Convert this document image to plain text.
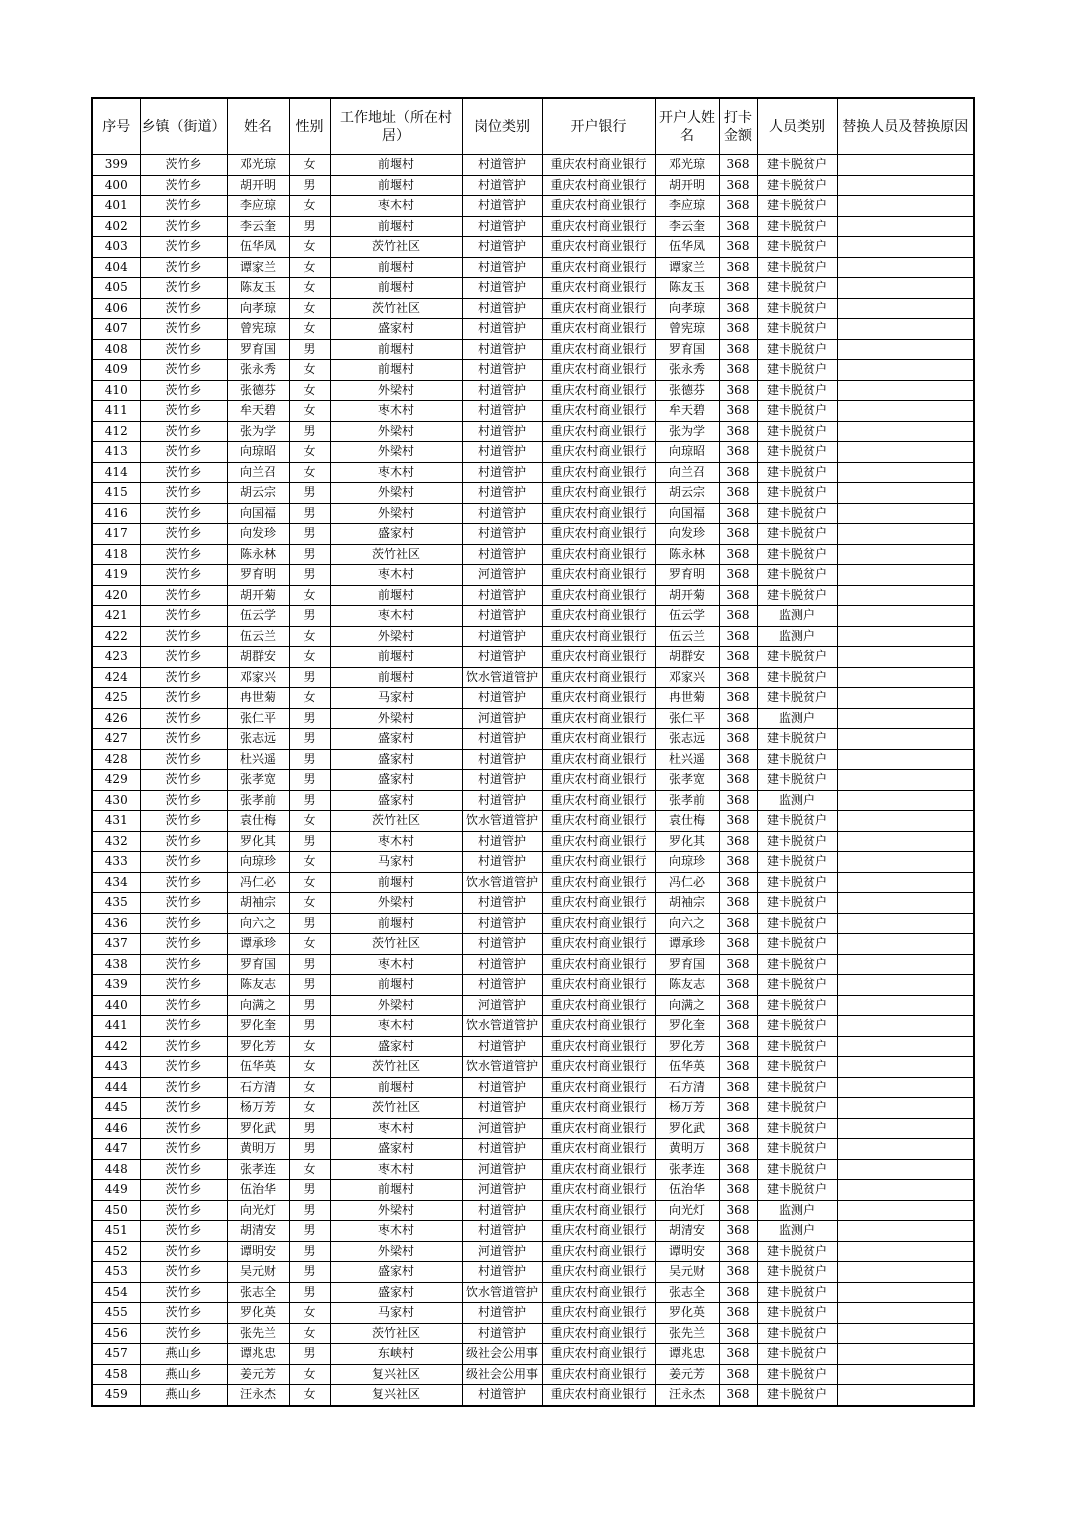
序号	乡镇（街道）	姓名	性别	工作地址（所在村居）	岗位类别	开户银行	开户人姓名	打卡金额	人员类别	替换人员及替换原因
399	茨竹乡	邓光琼	女	前堰村	村道管护	重庆农村商业银行	邓光琼	368	建卡脱贫户	
400	茨竹乡	胡开明	男	前堰村	村道管护	重庆农村商业银行	胡开明	368	建卡脱贫户	
401	茨竹乡	李应琼	女	枣木村	村道管护	重庆农村商业银行	李应琼	368	建卡脱贫户	
402	茨竹乡	李云奎	男	前堰村	村道管护	重庆农村商业银行	李云奎	368	建卡脱贫户	
403	茨竹乡	伍华凤	女	茨竹社区	村道管护	重庆农村商业银行	伍华凤	368	建卡脱贫户	
404	茨竹乡	谭家兰	女	前堰村	村道管护	重庆农村商业银行	谭家兰	368	建卡脱贫户	
405	茨竹乡	陈友玉	女	前堰村	村道管护	重庆农村商业银行	陈友玉	368	建卡脱贫户	
406	茨竹乡	向孝琼	女	茨竹社区	村道管护	重庆农村商业银行	向孝琼	368	建卡脱贫户	
407	茨竹乡	曾宪琼	女	盛家村	村道管护	重庆农村商业银行	曾宪琼	368	建卡脱贫户	
408	茨竹乡	罗育国	男	前堰村	村道管护	重庆农村商业银行	罗育国	368	建卡脱贫户	
409	茨竹乡	张永秀	女	前堰村	村道管护	重庆农村商业银行	张永秀	368	建卡脱贫户	
410	茨竹乡	张德芬	女	外梁村	村道管护	重庆农村商业银行	张德芬	368	建卡脱贫户	
411	茨竹乡	牟天碧	女	枣木村	村道管护	重庆农村商业银行	牟天碧	368	建卡脱贫户	
412	茨竹乡	张为学	男	外梁村	村道管护	重庆农村商业银行	张为学	368	建卡脱贫户	
413	茨竹乡	向琼昭	女	外梁村	村道管护	重庆农村商业银行	向琼昭	368	建卡脱贫户	
414	茨竹乡	向兰召	女	枣木村	村道管护	重庆农村商业银行	向兰召	368	建卡脱贫户	
415	茨竹乡	胡云宗	男	外梁村	村道管护	重庆农村商业银行	胡云宗	368	建卡脱贫户	
416	茨竹乡	向国福	男	外梁村	村道管护	重庆农村商业银行	向国福	368	建卡脱贫户	
417	茨竹乡	向发珍	男	盛家村	村道管护	重庆农村商业银行	向发珍	368	建卡脱贫户	
418	茨竹乡	陈永林	男	茨竹社区	村道管护	重庆农村商业银行	陈永林	368	建卡脱贫户	
419	茨竹乡	罗育明	男	枣木村	河道管护	重庆农村商业银行	罗育明	368	建卡脱贫户	
420	茨竹乡	胡开菊	女	前堰村	村道管护	重庆农村商业银行	胡开菊	368	建卡脱贫户	
421	茨竹乡	伍云学	男	枣木村	村道管护	重庆农村商业银行	伍云学	368	监测户	
422	茨竹乡	伍云兰	女	外梁村	村道管护	重庆农村商业银行	伍云兰	368	监测户	
423	茨竹乡	胡群安	女	前堰村	村道管护	重庆农村商业银行	胡群安	368	建卡脱贫户	
424	茨竹乡	邓家兴	男	前堰村	饮水管道管护	重庆农村商业银行	邓家兴	368	建卡脱贫户	
425	茨竹乡	冉世菊	女	马家村	村道管护	重庆农村商业银行	冉世菊	368	建卡脱贫户	
426	茨竹乡	张仁平	男	外梁村	河道管护	重庆农村商业银行	张仁平	368	监测户	
427	茨竹乡	张志远	男	盛家村	村道管护	重庆农村商业银行	张志远	368	建卡脱贫户	
428	茨竹乡	杜兴遥	男	盛家村	村道管护	重庆农村商业银行	杜兴遥	368	建卡脱贫户	
429	茨竹乡	张孝宽	男	盛家村	村道管护	重庆农村商业银行	张孝宽	368	建卡脱贫户	
430	茨竹乡	张孝前	男	盛家村	村道管护	重庆农村商业银行	张孝前	368	监测户	
431	茨竹乡	袁仕梅	女	茨竹社区	饮水管道管护	重庆农村商业银行	袁仕梅	368	建卡脱贫户	
432	茨竹乡	罗化其	男	枣木村	村道管护	重庆农村商业银行	罗化其	368	建卡脱贫户	
433	茨竹乡	向琼珍	女	马家村	村道管护	重庆农村商业银行	向琼珍	368	建卡脱贫户	
434	茨竹乡	冯仁必	女	前堰村	饮水管道管护	重庆农村商业银行	冯仁必	368	建卡脱贫户	
435	茨竹乡	胡袖宗	女	外梁村	村道管护	重庆农村商业银行	胡袖宗	368	建卡脱贫户	
436	茨竹乡	向六之	男	前堰村	村道管护	重庆农村商业银行	向六之	368	建卡脱贫户	
437	茨竹乡	谭承珍	女	茨竹社区	村道管护	重庆农村商业银行	谭承珍	368	建卡脱贫户	
438	茨竹乡	罗育国	男	枣木村	村道管护	重庆农村商业银行	罗育国	368	建卡脱贫户	
439	茨竹乡	陈友志	男	前堰村	村道管护	重庆农村商业银行	陈友志	368	建卡脱贫户	
440	茨竹乡	向满之	男	外梁村	河道管护	重庆农村商业银行	向满之	368	建卡脱贫户	
441	茨竹乡	罗化奎	男	枣木村	饮水管道管护	重庆农村商业银行	罗化奎	368	建卡脱贫户	
442	茨竹乡	罗化芳	女	盛家村	村道管护	重庆农村商业银行	罗化芳	368	建卡脱贫户	
443	茨竹乡	伍华英	女	茨竹社区	饮水管道管护	重庆农村商业银行	伍华英	368	建卡脱贫户	
444	茨竹乡	石方清	女	前堰村	村道管护	重庆农村商业银行	石方清	368	建卡脱贫户	
445	茨竹乡	杨万芳	女	茨竹社区	村道管护	重庆农村商业银行	杨万芳	368	建卡脱贫户	
446	茨竹乡	罗化武	男	枣木村	河道管护	重庆农村商业银行	罗化武	368	建卡脱贫户	
447	茨竹乡	黄明万	男	盛家村	村道管护	重庆农村商业银行	黄明万	368	建卡脱贫户	
448	茨竹乡	张孝连	女	枣木村	河道管护	重庆农村商业银行	张孝连	368	建卡脱贫户	
449	茨竹乡	伍治华	男	前堰村	河道管护	重庆农村商业银行	伍治华	368	建卡脱贫户	
450	茨竹乡	向光灯	男	外梁村	村道管护	重庆农村商业银行	向光灯	368	监测户	
451	茨竹乡	胡清安	男	枣木村	村道管护	重庆农村商业银行	胡清安	368	监测户	
452	茨竹乡	谭明安	男	外梁村	河道管护	重庆农村商业银行	谭明安	368	建卡脱贫户	
453	茨竹乡	吴元财	男	盛家村	村道管护	重庆农村商业银行	吴元财	368	建卡脱贫户	
454	茨竹乡	张志全	男	盛家村	饮水管道管护	重庆农村商业银行	张志全	368	建卡脱贫户	
455	茨竹乡	罗化英	女	马家村	村道管护	重庆农村商业银行	罗化英	368	建卡脱贫户	
456	茨竹乡	张先兰	女	茨竹社区	村道管护	重庆农村商业银行	张先兰	368	建卡脱贫户	
457	燕山乡	谭兆忠	男	东峡村	级社会公用事	重庆农村商业银行	谭兆忠	368	建卡脱贫户	
458	燕山乡	姜元芳	女	复兴社区	级社会公用事	重庆农村商业银行	姜元芳	368	建卡脱贫户	
459	燕山乡	汪永杰	女	复兴社区	村道管护	重庆农村商业银行	汪永杰	368	建卡脱贫户	
